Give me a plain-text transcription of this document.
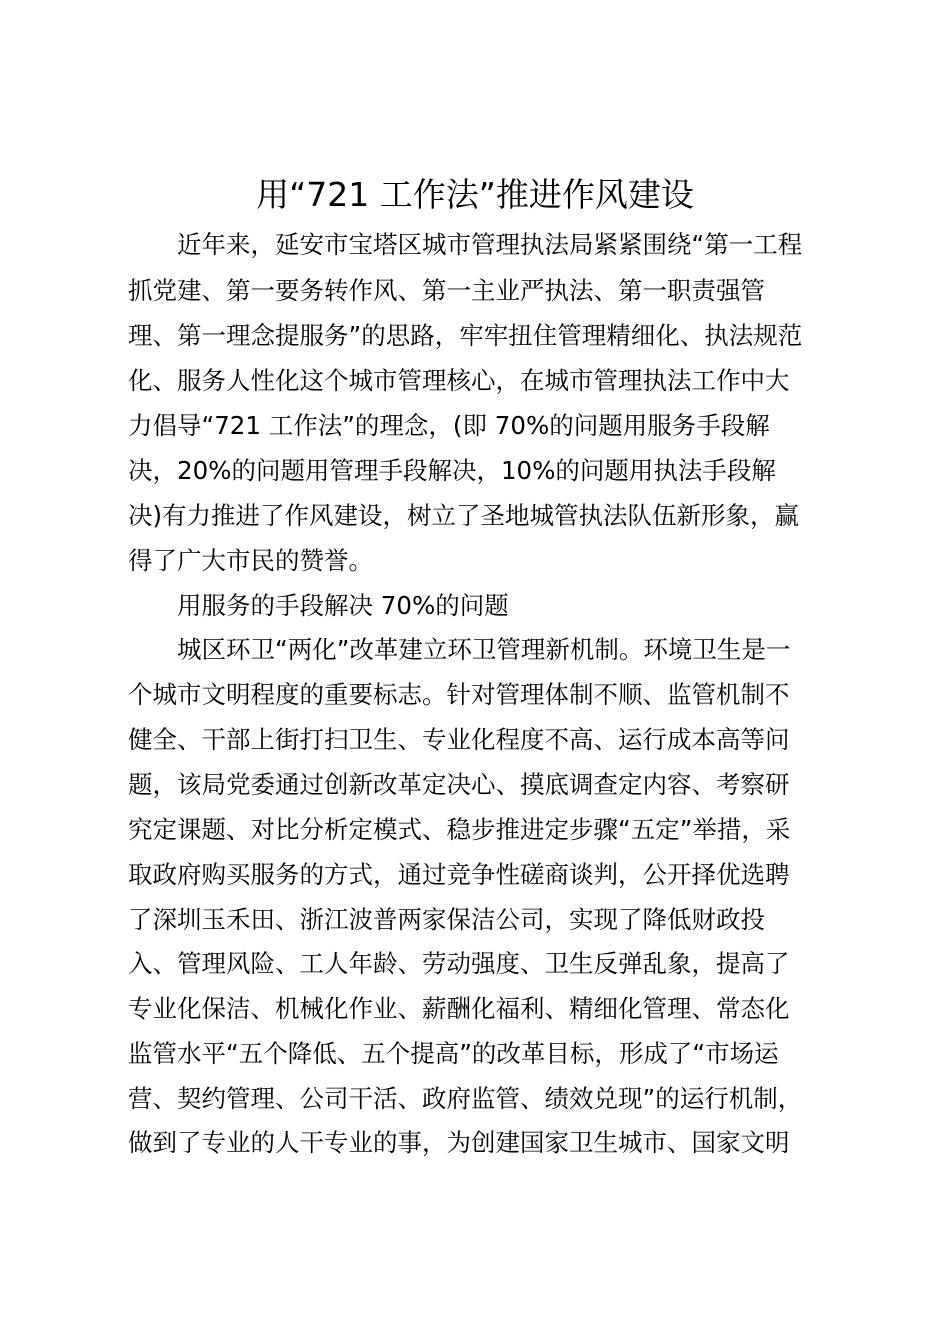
用“721 工作法”推进作风建设
近年来，延安市宝塔区城市管理执法局紧紧围绕“第一工程
抓党建、第一要务转作风、第一主业严执法、第一职责强管
理、第一理念提服务”的思路，牢牢扭住管理精细化、执法规范
化、服务人性化这个城市管理核心，在城市管理执法工作中大
力倡导“721 工作法”的理念，(即 70%的问题用服务手段解
决，20%的问题用管理手段解决，10%的问题用执法手段解
决)有力推进了作风建设，树立了圣地城管执法队伍新形象，赢
得了广大市民的赞誉。
用服务的手段解决 70%的问题
城区环卫“两化”改革建立环卫管理新机制。环境卫生是一
个城市文明程度的重要标志。针对管理体制不顺、监管机制不
健全、干部上街打扫卫生、专业化程度不高、运行成本高等问
题，该局党委通过创新改革定决心、摸底调查定内容、考察研
究定课题、对比分析定模式、稳步推进定步骤“五定”举措，采
取政府购买服务的方式，通过竞争性磋商谈判，公开择优选聘
了深圳玉禾田、浙江波普两家保洁公司，实现了降低财政投
入、管理风险、工人年龄、劳动强度、卫生反弹乱象，提高了
专业化保洁、机械化作业、薪酬化福利、精细化管理、常态化
监管水平“五个降低、五个提高”的改革目标，形成了“市场运
营、契约管理、公司干活、政府监管、绩效兑现”的运行机制，
做到了专业的人干专业的事，为创建国家卫生城市、国家文明
